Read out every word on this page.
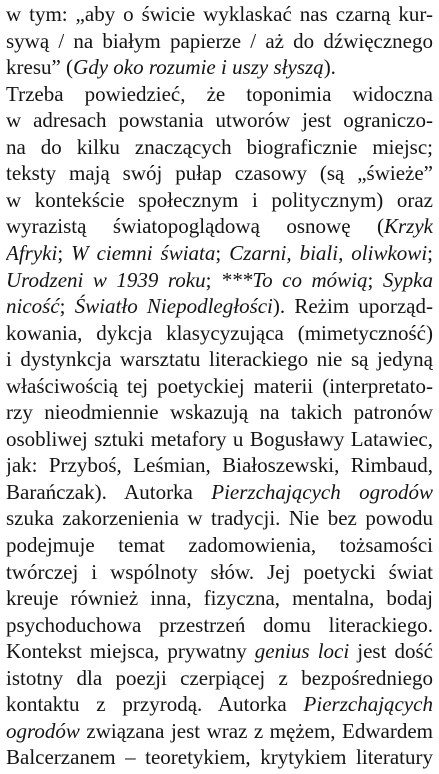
w tym: „aby o świcie wyklaskać nas czarną kur-
sywą / na białym papierze / aż do dźwięcznego
kresu” (Gdy oko rozumie i uszy słyszą).
Trzeba powiedzieć, że toponimia widoczna
w adresach powstania utworów jest ograniczo-
na do kilku znaczących biograficznie miejsc;
teksty mają swój pułap czasowy (są „świeże”
w kontekście społecznym i politycznym) oraz
wyrazistą światopoglądową osnowę (Krzyk
Afryki; W ciemni świata; Czarni, biali, oliwkowi;
Urodzeni w 1939 roku; ***To co mówią; Sypka
nicość; Światło Niepodległości). Reżim uporząd-
kowania, dykcja klasycyzująca (mimetyczność)
i dystynkcja warsztatu literackiego nie są jedyną
właściwością tej poetyckiej materii (interpretato-
rzy nieodmiennie wskazują na takich patronów
osobliwej sztuki metafory u Bogusławy Latawiec,
jak: Przyboś, Leśmian, Białoszewski, Rimbaud,
Barańczak). Autorka Pierzchających ogrodów
szuka zakorzenienia w tradycji. Nie bez powodu
podejmuje temat zadomowienia, tożsamości
twórczej i wspólnoty słów. Jej poetycki świat
kreuje również inna, fizyczna, mentalna, bodaj
psychoduchowa przestrzeń domu literackiego.
Kontekst miejsca, prywatny genius loci jest dość
istotny dla poezji czerpiącej z bezpośredniego
kontaktu z przyrodą. Autorka Pierzchających
ogrodów związana jest wraz z mężem, Edwardem
Balcerzanem – teoretykiem, krytykiem literatury
